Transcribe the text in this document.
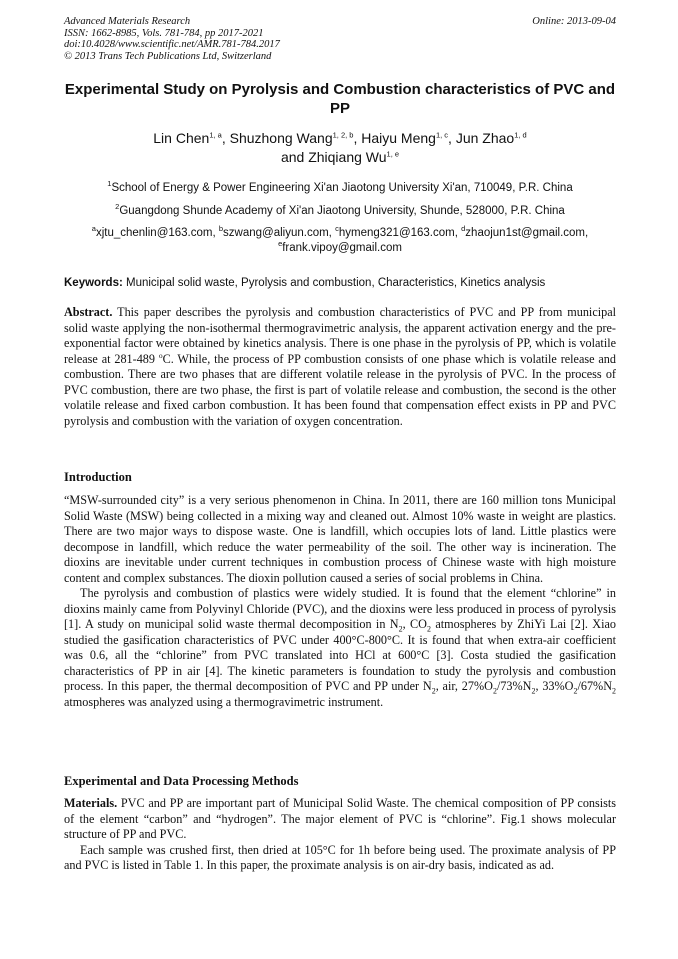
Advanced Materials Research
ISSN: 1662-8985, Vols. 781-784, pp 2017-2021
doi:10.4028/www.scientific.net/AMR.781-784.2017
© 2013 Trans Tech Publications Ltd, Switzerland
Online: 2013-09-04
Experimental Study on Pyrolysis and Combustion characteristics of PVC and PP
Lin Chen$^{1, a}$, Shuzhong Wang$^{1, 2, b}$, Haiyu Meng$^{1, c}$, Jun Zhao$^{1, d}$
and Zhiqiang Wu$^{1, e}$
$^1$School of Energy & Power Engineering Xi'an Jiaotong University Xi'an, 710049, P.R. China
$^2$Guangdong Shunde Academy of Xi'an Jiaotong University, Shunde, 528000, P.R. China
$^a$xjtu_chenlin@163.com, $^b$szwang@aliyun.com, $^c$hymeng321@163.com, $^d$zhaojun1st@gmail.com,
$^e$frank.vipoy@gmail.com
Keywords: Municipal solid waste, Pyrolysis and combustion, Characteristics, Kinetics analysis

Abstract. This paper describes the pyrolysis and combustion characteristics of PVC and PP from municipal solid waste applying the non-isothermal thermogravimetric analysis, the apparent activation energy and the pre-exponential factor were obtained by kinetics analysis. There is one phase in the pyrolysis of PP, which is volatile release at 281-489 $^o$C. While, the process of PP combustion consists of one phase which is volatile release and combustion. There are two phases that are different volatile release in the pyrolysis of PVC. In the process of PVC combustion, there are two phase, the first is part of volatile release and combustion, the second is the other volatile release and fixed carbon combustion. It has been found that compensation effect exists in PP and PVC pyrolysis and combustion with the variation of oxygen concentration.

Introduction

“MSW-surrounded city” is a very serious phenomenon in China. In 2011, there are 160 million tons Municipal Solid Waste (MSW) being collected in a mixing way and cleaned out. Almost 10% waste in weight are plastics. There are two major ways to dispose waste. One is landfill, which occupies lots of land. Little plastics were decompose in landfill, which reduce the water permeability of the soil. The other way is incineration. The dioxins are inevitable under current techniques in combustion process of Chinese waste with high moisture content and complex substances. The dioxin pollution caused a series of social problems in China.

The pyrolysis and combustion of plastics were widely studied. It is found that the element “chlorine” in dioxins mainly came from Polyvinyl Chloride (PVC), and the dioxins were less produced in process of pyrolysis [1]. A study on municipal solid waste thermal decomposition in $N_2$, $CO_2$ atmospheres by ZhiYi Lai [2]. Xiao studied the gasification characteristics of PVC under 400°C-800°C. It is found that when extra-air coefficient was 0.6, all the “chlorine” from PVC translated into HCl at 600°C [3]. Costa studied the gasification characteristics of PP in air [4]. The kinetic parameters is foundation to study the pyrolysis and combustion process. In this paper, the thermal decomposition of PVC and PP under $N_2$, air, $27\%O_2/73\%N_2$, $33\%O_2/67\%N_2$ atmospheres was analyzed using a thermogravimetric instrument.

Experimental and Data Processing Methods

Materials. PVC and PP are important part of Municipal Solid Waste. The chemical composition of PP consists of the element “carbon” and “hydrogen”. The major element of PVC is “chlorine”. Fig.1 shows molecular structure of PP and PVC.

Each sample was crushed first, then dried at 105°C for 1h before being used. The proximate analysis of PP and PVC is listed in Table 1. In this paper, the proximate analysis is on air-dry basis, indicated as ad.
